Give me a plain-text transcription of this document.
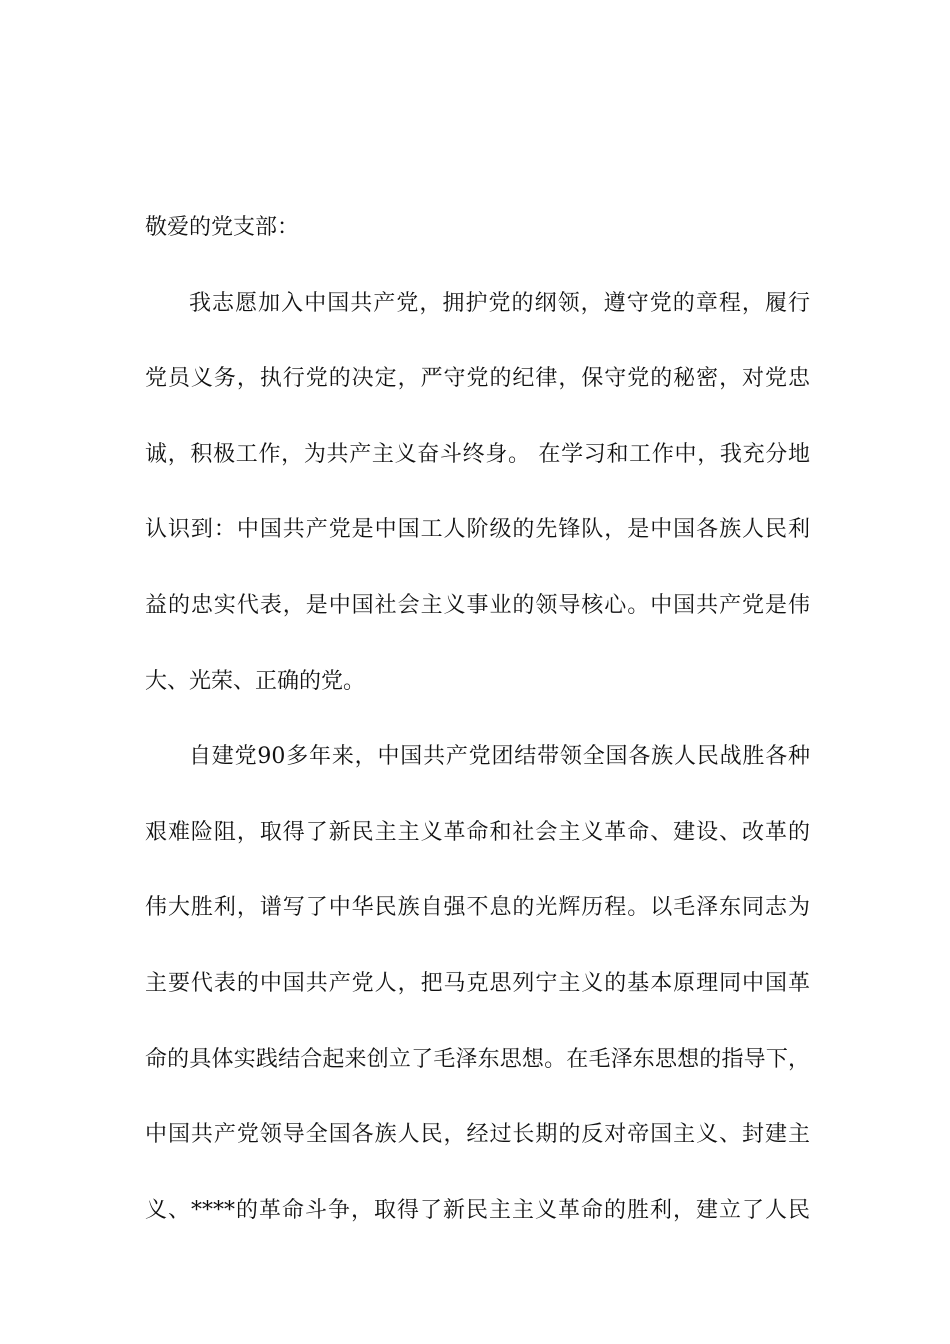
敬爱的党支部：
我志愿加入中国共产党，拥护党的纲领，遵守党的章程，履行
党员义务，执行党的决定，严守党的纪律，保守党的秘密，对党忠
诚，积极工作，为共产主义奋斗终身。 在学习和工作中，我充分地
认识到：中国共产党是中国工人阶级的先锋队，是中国各族人民利
益的忠实代表，是中国社会主义事业的领导核心。中国共产党是伟
大、光荣、正确的党。
自建党90多年来，中国共产党团结带领全国各族人民战胜各种
艰难险阻，取得了新民主主义革命和社会主义革命、建设、改革的
伟大胜利，谱写了中华民族自强不息的光辉历程。以毛泽东同志为
主要代表的中国共产党人，把马克思列宁主义的基本原理同中国革
命的具体实践结合起来创立了毛泽东思想。在毛泽东思想的指导下，
中国共产党领导全国各族人民，经过长期的反对帝国主义、封建主
义、****的革命斗争，取得了新民主主义革命的胜利，建立了人民
